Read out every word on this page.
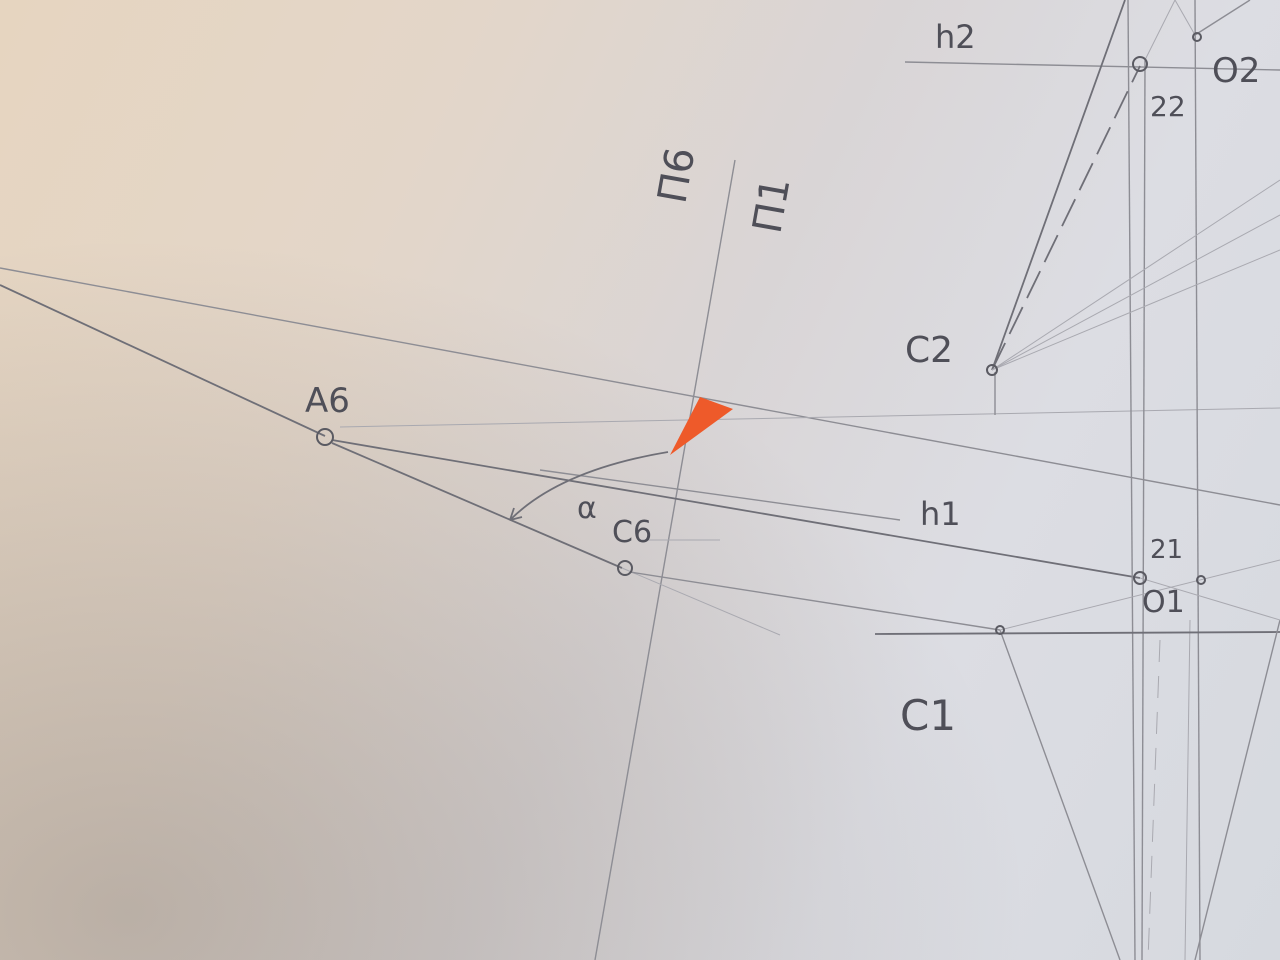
П6 П1
A6
C2
C1
C6
α	h1
h2
22
21
O1
O2
